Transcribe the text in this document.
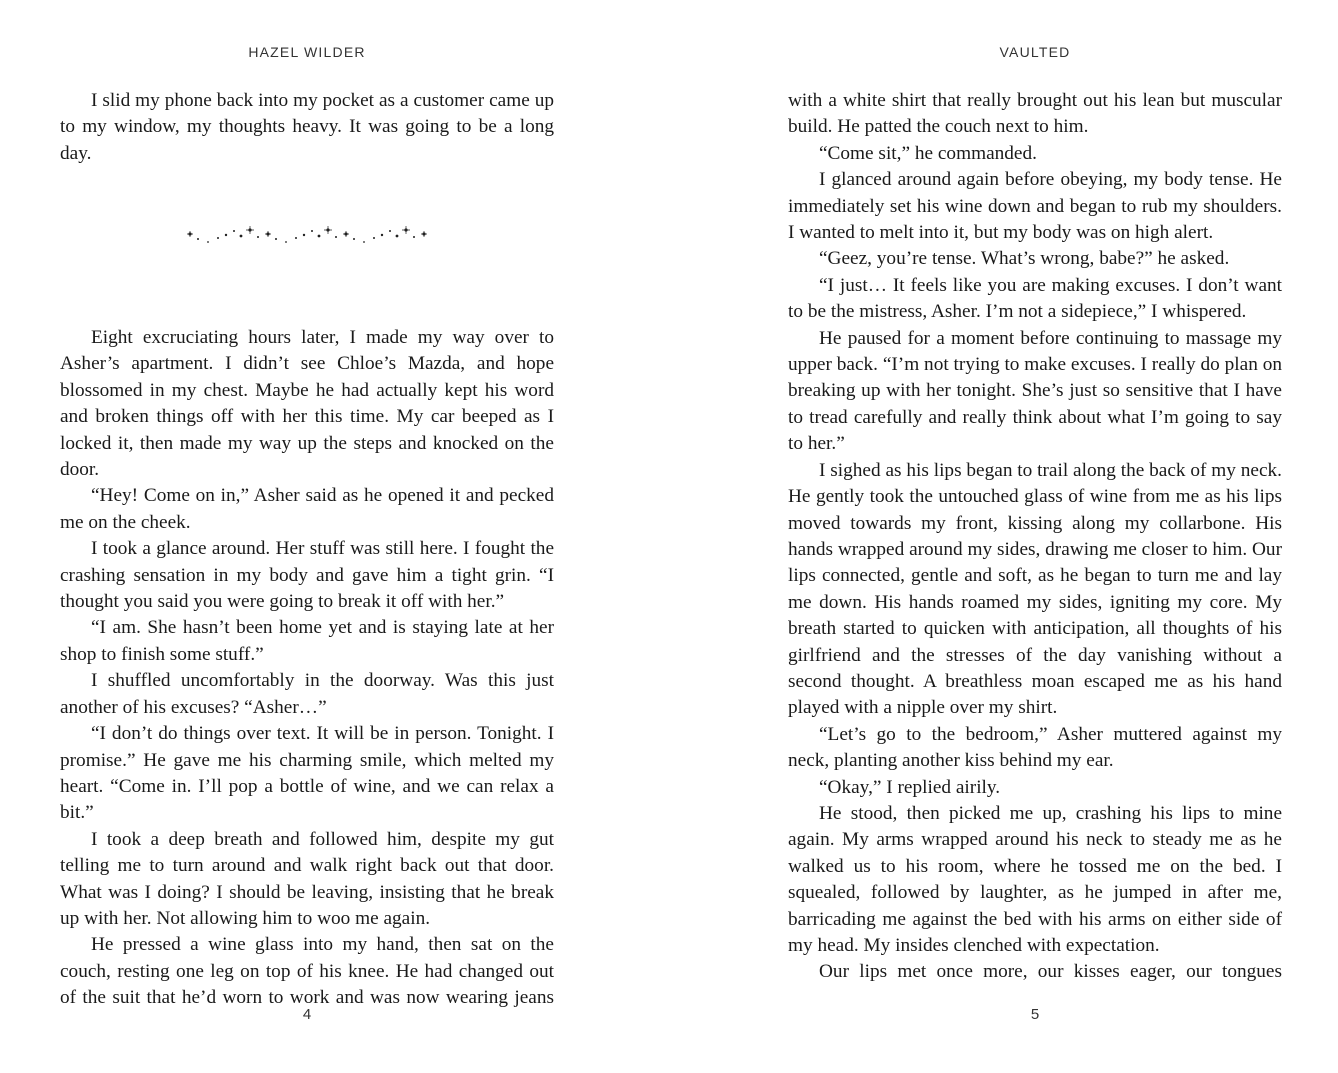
HAZEL WILDER

I slid my phone back into my pocket as a customer came up to my window, my thoughts heavy. It was going to be a long day.

Eight excruciating hours later, I made my way over to Asher’s apartment. I didn’t see Chloe’s Mazda, and hope blossomed in my chest. Maybe he had actually kept his word and broken things off with her this time. My car beeped as I locked it, then made my way up the steps and knocked on the door.

“Hey! Come on in,” Asher said as he opened it and pecked me on the cheek.

I took a glance around. Her stuff was still here. I fought the crashing sensation in my body and gave him a tight grin. “I thought you said you were going to break it off with her.”

“I am. She hasn’t been home yet and is staying late at her shop to finish some stuff.”

I shuffled uncomfortably in the doorway. Was this just another of his excuses? “Asher…”

“I don’t do things over text. It will be in person. Tonight. I promise.” He gave me his charming smile, which melted my heart. “Come in. I’ll pop a bottle of wine, and we can relax a bit.”

I took a deep breath and followed him, despite my gut telling me to turn around and walk right back out that door. What was I doing? I should be leaving, insisting that he break up with her. Not allowing him to woo me again.

He pressed a wine glass into my hand, then sat on the couch, resting one leg on top of his knee. He had changed out of the suit that he’d worn to work and was now wearing jeans

4
VAULTED

with a white shirt that really brought out his lean but muscular build. He patted the couch next to him.

“Come sit,” he commanded.

I glanced around again before obeying, my body tense. He immediately set his wine down and began to rub my shoulders. I wanted to melt into it, but my body was on high alert.

“Geez, you’re tense. What’s wrong, babe?” he asked.

“I just… It feels like you are making excuses. I don’t want to be the mistress, Asher. I’m not a sidepiece,” I whispered.

He paused for a moment before continuing to massage my upper back. “I’m not trying to make excuses. I really do plan on breaking up with her tonight. She’s just so sensitive that I have to tread carefully and really think about what I’m going to say to her.”

I sighed as his lips began to trail along the back of my neck. He gently took the untouched glass of wine from me as his lips moved towards my front, kissing along my collarbone. His hands wrapped around my sides, drawing me closer to him. Our lips connected, gentle and soft, as he began to turn me and lay me down. His hands roamed my sides, igniting my core. My breath started to quicken with anticipation, all thoughts of his girlfriend and the stresses of the day vanishing without a second thought. A breathless moan escaped me as his hand played with a nipple over my shirt.

“Let’s go to the bedroom,” Asher muttered against my neck, planting another kiss behind my ear.

“Okay,” I replied airily.

He stood, then picked me up, crashing his lips to mine again. My arms wrapped around his neck to steady me as he walked us to his room, where he tossed me on the bed. I squealed, followed by laughter, as he jumped in after me, barricading me against the bed with his arms on either side of my head. My insides clenched with expectation.

Our lips met once more, our kisses eager, our tongues

5
